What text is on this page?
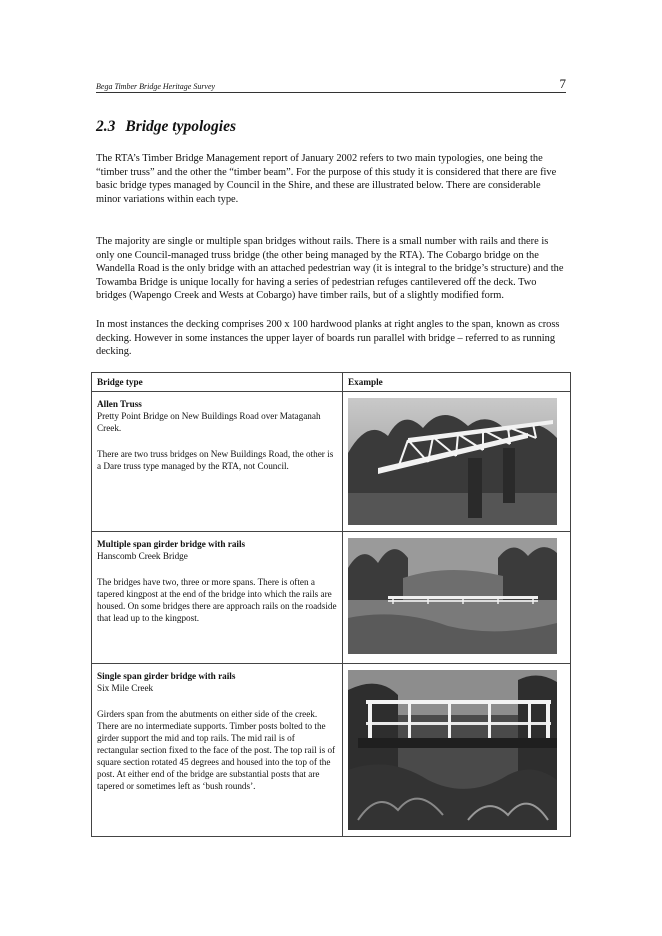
Bega Timber Bridge Heritage Survey	7
2.3 Bridge typologies

The RTA’s Timber Bridge Management report of January 2002 refers to two main typologies, one being the “timber truss” and the other the “timber beam”. For the purpose of this study it is considered that there are five basic bridge types managed by Council in the Shire, and these are illustrated below. There are considerable minor variations within each type.

The majority are single or multiple span bridges without rails. There is a small number with rails and there is only one Council-managed truss bridge (the other being managed by the RTA). The Cobargo bridge on the Wandella Road is the only bridge with an attached pedestrian way (it is integral to the bridge’s structure) and the Towamba Bridge is unique locally for having a series of pedestrian refuges cantilevered off the deck. Two bridges (Wapengo Creek and Wests at Cobargo) have timber rails, but of a slightly modified form.

In most instances the decking comprises 200 x 100 hardwood planks at right angles to the span, known as cross decking. However in some instances the upper layer of boards run parallel with bridge – referred to as running decking.

Bridge type	Example

Allen Truss

Pretty Point Bridge on New Buildings Road over Mataganah Creek.

There are two truss bridges on New Buildings Road, the other is a Dare truss type managed by the RTA, not Council.

Multiple span girder bridge with rails

Hanscomb Creek Bridge

The bridges have two, three or more spans. There is often a tapered kingpost at the end of the bridge into which the rails are housed. On some bridges there are approach rails on the roadside that lead up to the kingpost.

Single span girder bridge with rails

Six Mile Creek

Girders span from the abutments on either side of the creek. There are no intermediate supports. Timber posts bolted to the girder support the mid and top rails. The mid rail is of rectangular section fixed to the face of the post. The top rail is of square section rotated 45 degrees and housed into the top of the post. At either end of the bridge are substantial posts that are tapered or sometimes left as ‘bush rounds’.
